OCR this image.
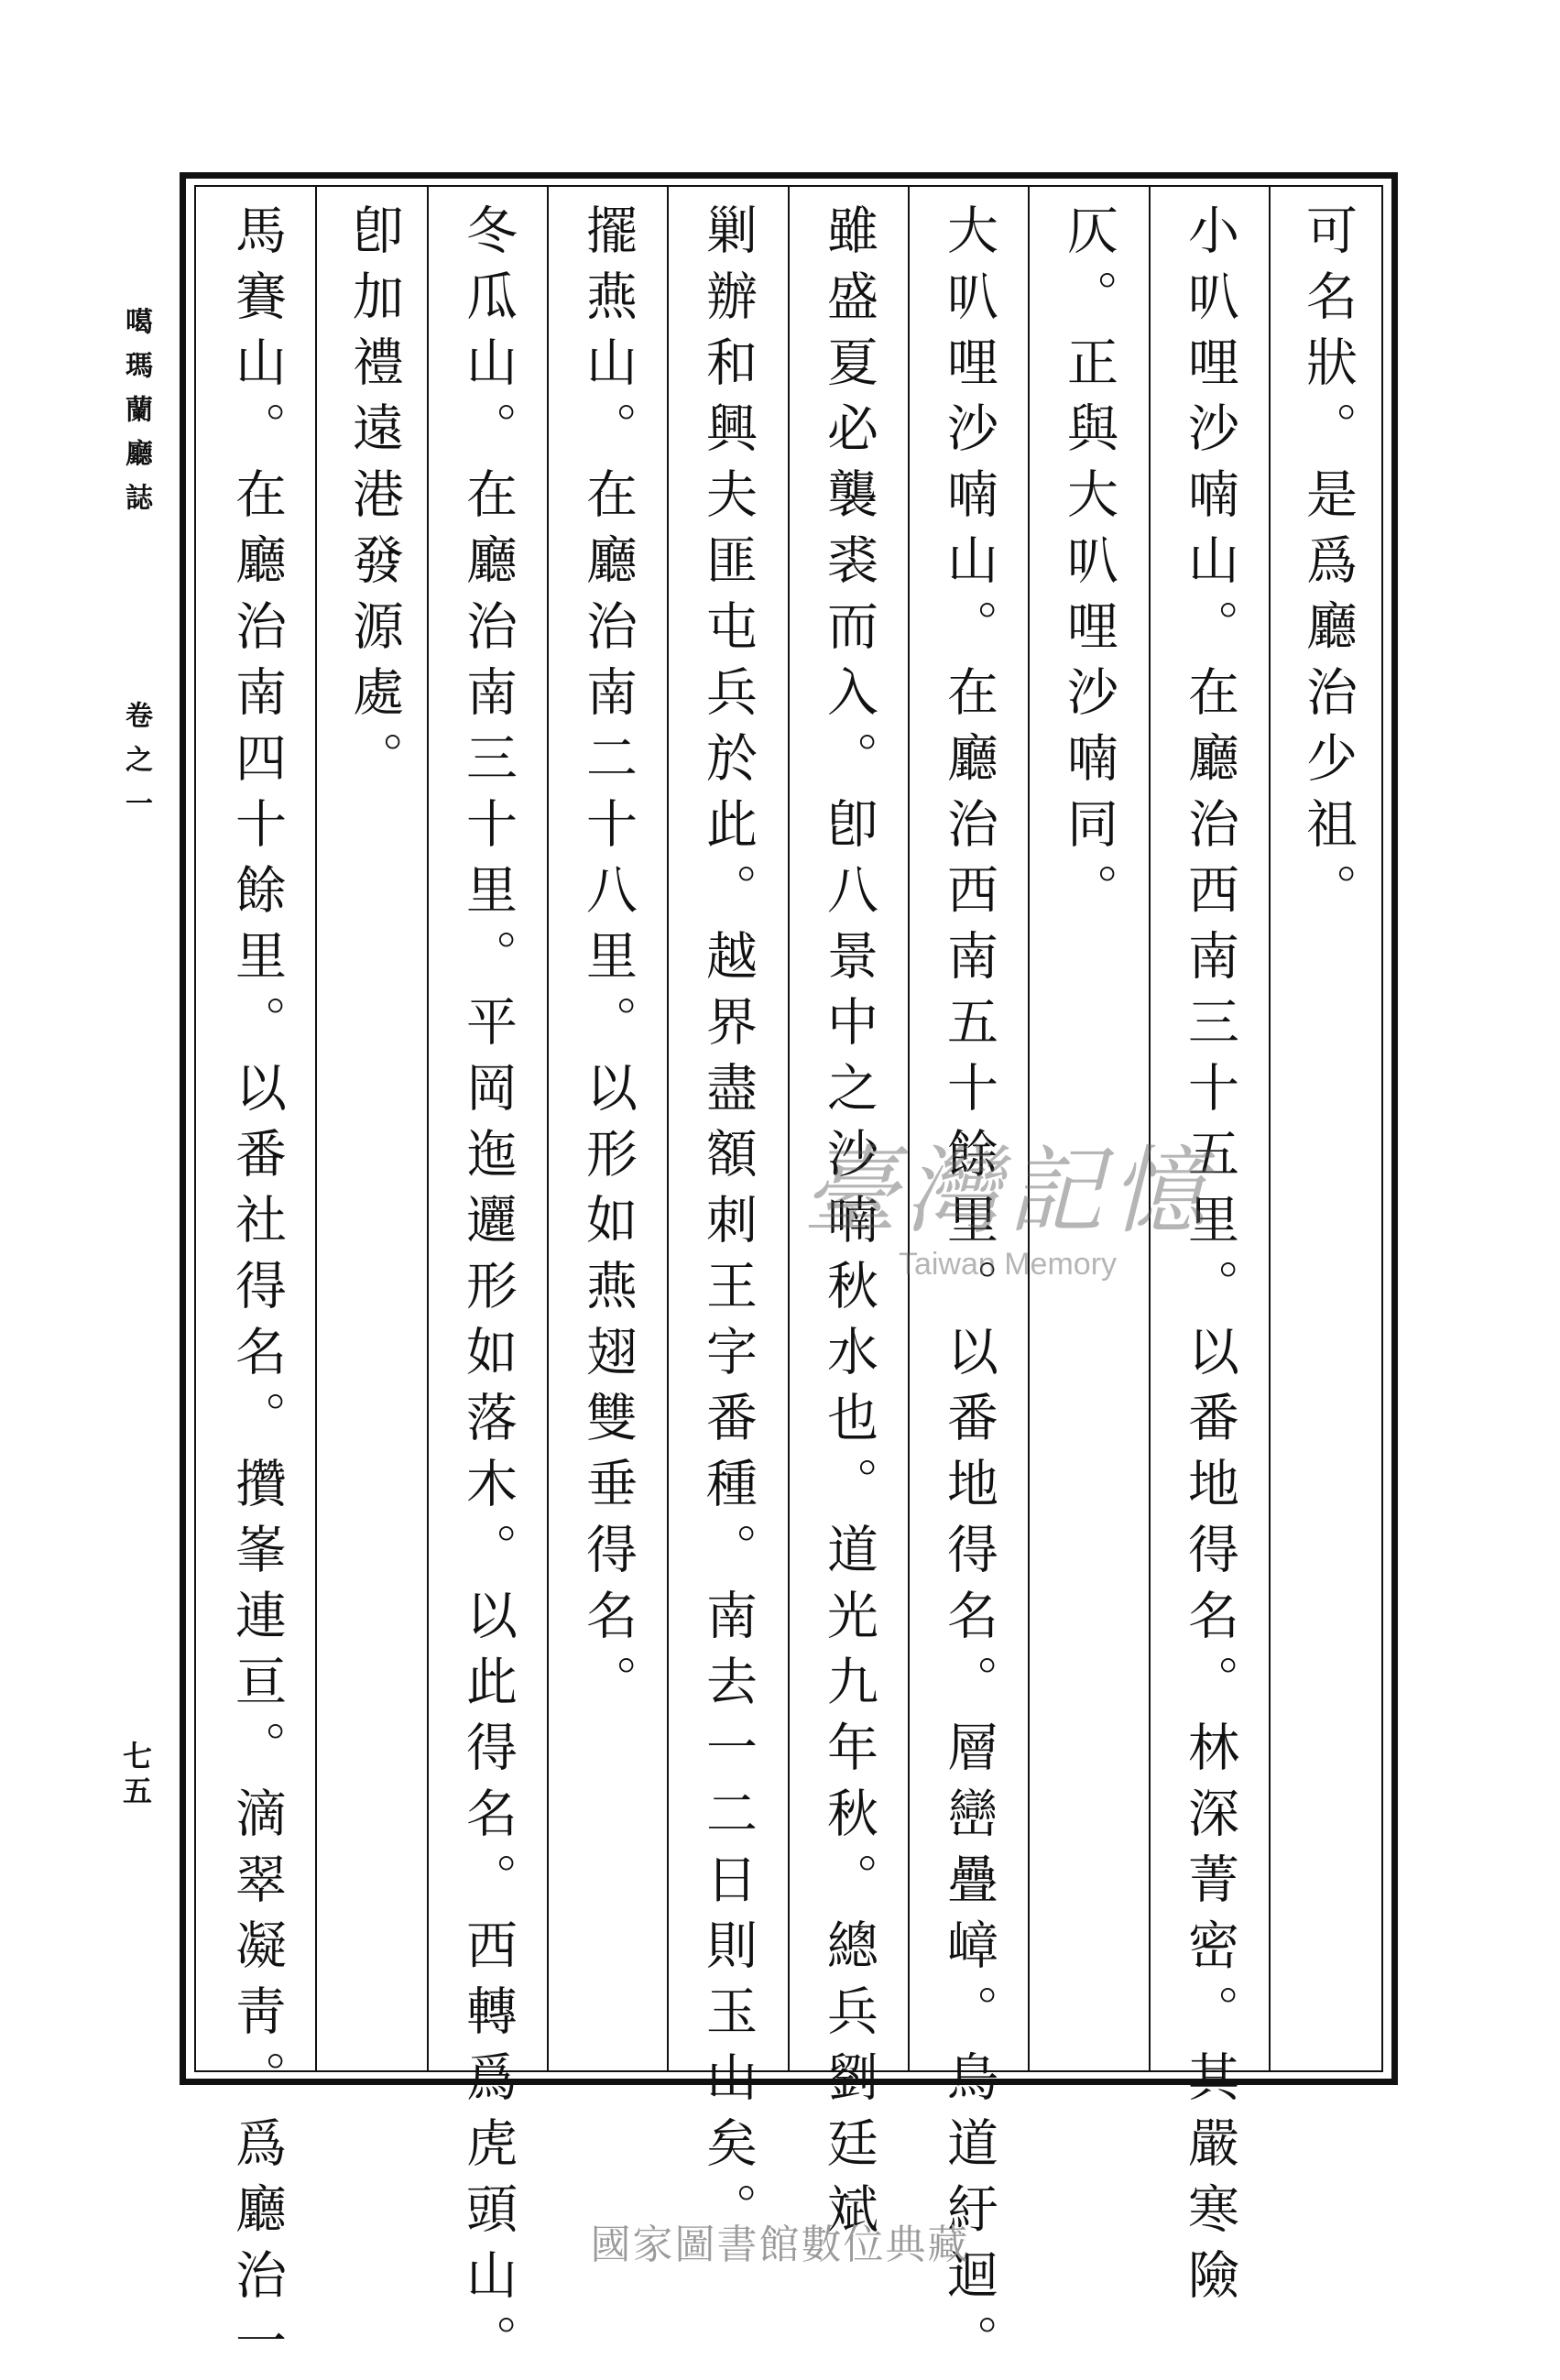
可名狀。是爲廳治少祖。
小叭哩沙喃山。在廳治西南三十五里。以番地得名。林深菁密。其嚴寒險
仄。正與大叭哩沙喃同。
大叭哩沙喃山。在廳治西南五十餘里。以番地得名。層巒疊嶂。鳥道紆迴。
雖盛夏必襲裘而入。卽八景中之沙喃秋水也。道光九年秋。總兵劉廷斌
剿辦和興夫匪屯兵於此。越界盡額刺王字番種。南去一二日則玉山矣。
擺燕山。在廳治南二十八里。以形如燕翅雙垂得名。
冬瓜山。在廳治南三十里。平岡迤邐形如落木。以此得名。西轉爲虎頭山。
卽加禮遠港發源處。
馬賽山。在廳治南四十餘里。以番社得名。攢峯連亘。滴翠凝靑。爲廳治一
噶瑪蘭廳誌
卷之一
七五
臺灣記憶
Taiwan Memory
國家圖書館數位典藏
